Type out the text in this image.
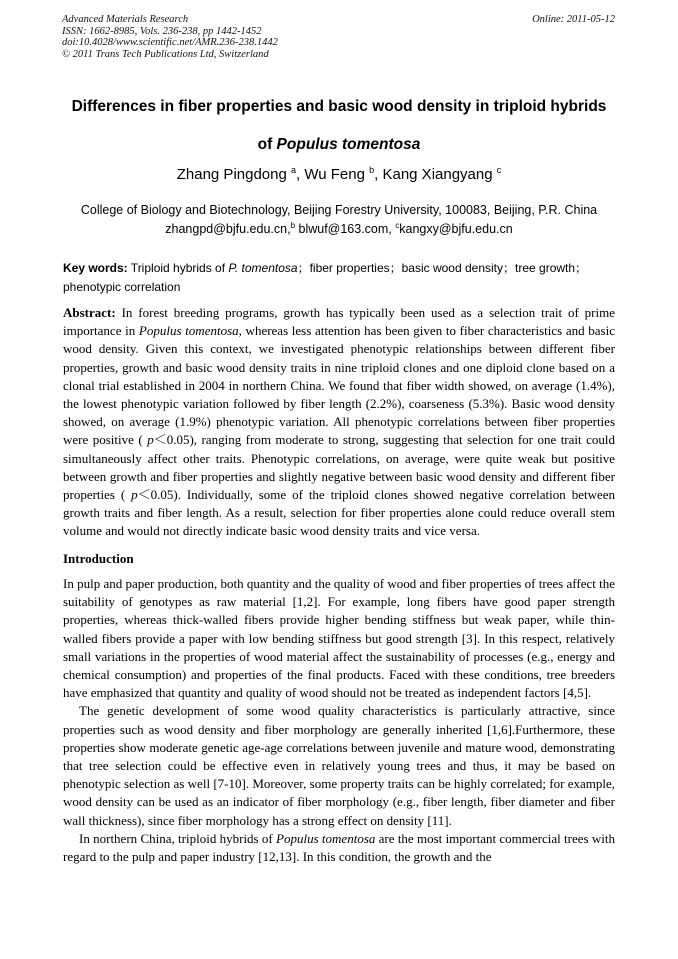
Advanced Materials Research
ISSN: 1662-8985, Vols. 236-238, pp 1442-1452
doi:10.4028/www.scientific.net/AMR.236-238.1442
© 2011 Trans Tech Publications Ltd, Switzerland
Online: 2011-05-12
Differences in fiber properties and basic wood density in triploid hybrids
of Populus tomentosa
Zhang Pingdong $^a$, Wu Feng $^b$, Kang Xiangyang $^c$
College of Biology and Biotechnology, Beijing Forestry University, 100083, Beijing, P.R. China
zhangpd@bjfu.edu.cn,$^b$ blwuf@163.com, $^c$kangxy@bjfu.edu.cn
Key words: Triploid hybrids of P. tomentosa；fiber properties；basic wood density；tree growth；phenotypic correlation
Abstract: In forest breeding programs, growth has typically been used as a selection trait of prime importance in Populus tomentosa, whereas less attention has been given to fiber characteristics and basic wood density. Given this context, we investigated phenotypic relationships between different fiber properties, growth and basic wood density traits in nine triploid clones and one diploid clone based on a clonal trial established in 2004 in northern China. We found that fiber width showed, on average (1.4%), the lowest phenotypic variation followed by fiber length (2.2%), coarseness (5.3%). Basic wood density showed, on average (1.9%) phenotypic variation. All phenotypic correlations between fiber properties were positive ( p＜0.05), ranging from moderate to strong, suggesting that selection for one trait could simultaneously affect other traits. Phenotypic correlations, on average, were quite weak but positive between growth and fiber properties and slightly negative between basic wood density and different fiber properties ( p＜0.05). Individually, some of the triploid clones showed negative correlation between growth traits and fiber length. As a result, selection for fiber properties alone could reduce overall stem volume and would not directly indicate basic wood density traits and vice versa.
Introduction

In pulp and paper production, both quantity and the quality of wood and fiber properties of trees affect the suitability of genotypes as raw material [1,2]. For example, long fibers have good paper strength properties, whereas thick-walled fibers provide higher bending stiffness but weak paper, while thin-walled fibers provide a paper with low bending stiffness but good strength [3]. In this respect, relatively small variations in the properties of wood material affect the sustainability of processes (e.g., energy and chemical consumption) and properties of the final products. Faced with these conditions, tree breeders have emphasized that quantity and quality of wood should not be treated as independent factors [4,5].

The genetic development of some wood quality characteristics is particularly attractive, since properties such as wood density and fiber morphology are generally inherited [1,6].Furthermore, these properties show moderate genetic age-age correlations between juvenile and mature wood, demonstrating that tree selection could be effective even in relatively young trees and thus, it may be based on phenotypic selection as well [7-10]. Moreover, some property traits can be highly correlated; for example, wood density can be used as an indicator of fiber morphology (e.g., fiber length, fiber diameter and fiber wall thickness), since fiber morphology has a strong effect on density [11].

In northern China, triploid hybrids of Populus tomentosa are the most important commercial trees with regard to the pulp and paper industry [12,13]. In this condition, the growth and the
